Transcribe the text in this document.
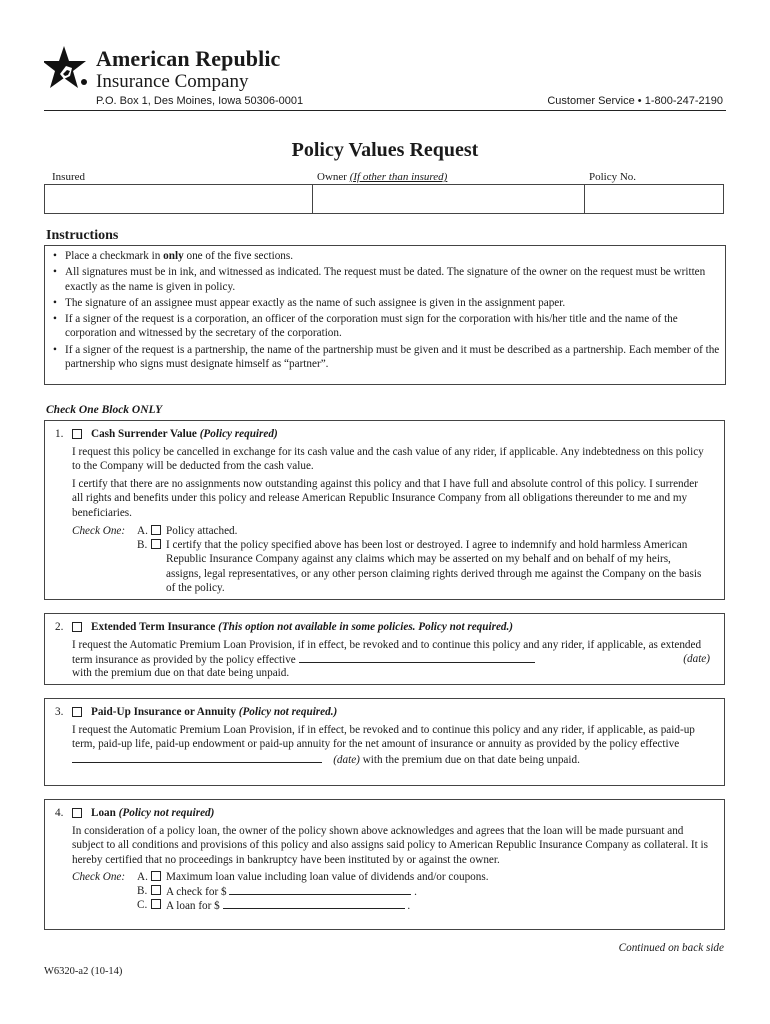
American Republic
Insurance Company
P.O. Box 1, Des Moines, Iowa 50306-0001	Customer Service • 1-800-247-2190
Policy Values Request
Insured	Owner (If other than insured)	Policy No.
Instructions
• Place a checkmark in only one of the five sections.
• All signatures must be in ink, and witnessed as indicated. The request must be dated. The signature of the owner on the request must be written exactly as the name is given in policy.
• The signature of an assignee must appear exactly as the name of such assignee is given in the assignment paper.
• If a signer of the request is a corporation, an officer of the corporation must sign for the corporation with his/her title and the name of the corporation and witnessed by the secretary of the corporation.
• If a signer of the request is a partnership, the name of the partnership must be given and it must be described as a partnership. Each member of the partnership who signs must designate himself as “partner”.
Check One Block ONLY
1. Cash Surrender Value (Policy required)

I request this policy be cancelled in exchange for its cash value and the cash value of any rider, if applicable. Any indebtedness on this policy to the Company will be deducted from the cash value.

I certify that there are no assignments now outstanding against this policy and that I have full and absolute control of this policy. I surrender all rights and benefits under this policy and release American Republic Insurance Company from all obligations thereunder to me and my beneficiaries.

Check One: A. Policy attached.
B. I certify that the policy specified above has been lost or destroyed. I agree to indemnify and hold harmless American Republic Insurance Company against any claims which may be asserted on my behalf and on behalf of my heirs, assigns, legal representatives, or any other person claiming rights derived through me against the Company on the basis of the policy.
2. Extended Term Insurance (This option not available in some policies. Policy not required.)

I request the Automatic Premium Loan Provision, if in effect, be revoked and to continue this policy and any rider, if applicable, as extended term insurance as provided by the policy effective	(date)

with the premium due on that date being unpaid.

3. Paid-Up Insurance or Annuity (Policy not required.)

I request the Automatic Premium Loan Provision, if in effect, be revoked and to continue this policy and any rider, if applicable, as paid-up term, paid-up life, paid-up endowment or paid-up annuity for the net amount of insurance or annuity as provided by the policy effective     (date) with the premium due on that date being unpaid.

4. Loan (Policy not required)

In consideration of a policy loan, the owner of the policy shown above acknowledges and agrees that the loan will be made pursuant and subject to all conditions and provisions of this policy and also assigns said policy to American Republic Insurance Company as collateral. It is hereby certified that no proceedings in bankruptcy have been instituted by or against the owner.

Check One: A. Maximum loan value including loan value of dividends and/or coupons.
B. A check for $	.
C. A loan for $	.
Continued on back side
W6320-a2 (10-14)
